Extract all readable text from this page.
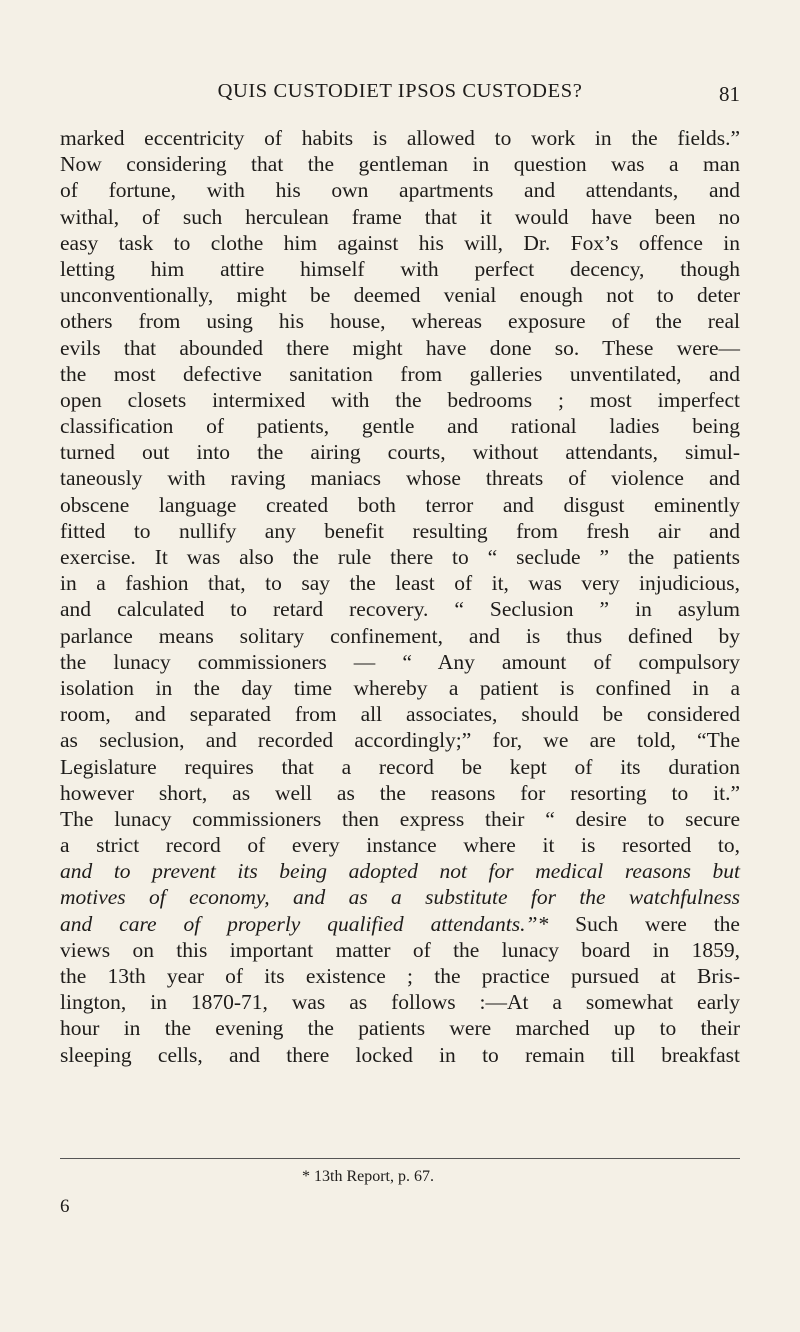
QUIS CUSTODIET IPSOS CUSTODES?	81
marked eccentricity of habits is allowed to work in the fields.”
Now considering that the gentleman in question was a man
of fortune, with his own apartments and attendants, and
withal, of such herculean frame that it would have been no
easy task to clothe him against his will, Dr. Fox’s offence in
letting him attire himself with perfect decency, though
unconventionally, might be deemed venial enough not to deter
others from using his house, whereas exposure of the real
evils that abounded there might have done so. These were—
the most defective sanitation from galleries unventilated, and
open closets intermixed with the bedrooms ; most imperfect
classification of patients, gentle and rational ladies being
turned out into the airing courts, without attendants, simul-
taneously with raving maniacs whose threats of violence and
obscene language created both terror and disgust eminently
fitted to nullify any benefit resulting from fresh air and
exercise. It was also the rule there to “ seclude ” the patients
in a fashion that, to say the least of it, was very injudicious,
and calculated to retard recovery. “ Seclusion ” in asylum
parlance means solitary confinement, and is thus defined by
the lunacy commissioners — “ Any amount of compulsory
isolation in the day time whereby a patient is confined in a
room, and separated from all associates, should be considered
as seclusion, and recorded accordingly;” for, we are told, “The
Legislature requires that a record be kept of its duration
however short, as well as the reasons for resorting to it.”
The lunacy commissioners then express their “ desire to secure
a strict record of every instance where it is resorted to,
and to prevent its being adopted not for medical reasons but
motives of economy, and as a substitute for the watchfulness
and care of properly qualified attendants.”* Such were the
views on this important matter of the lunacy board in 1859,
the 13th year of its existence ; the practice pursued at Bris-
lington, in 1870-71, was as follows :—At a somewhat early
hour in the evening the patients were marched up to their
sleeping cells, and there locked in to remain till breakfast
* 13th Report, p. 67.
6
